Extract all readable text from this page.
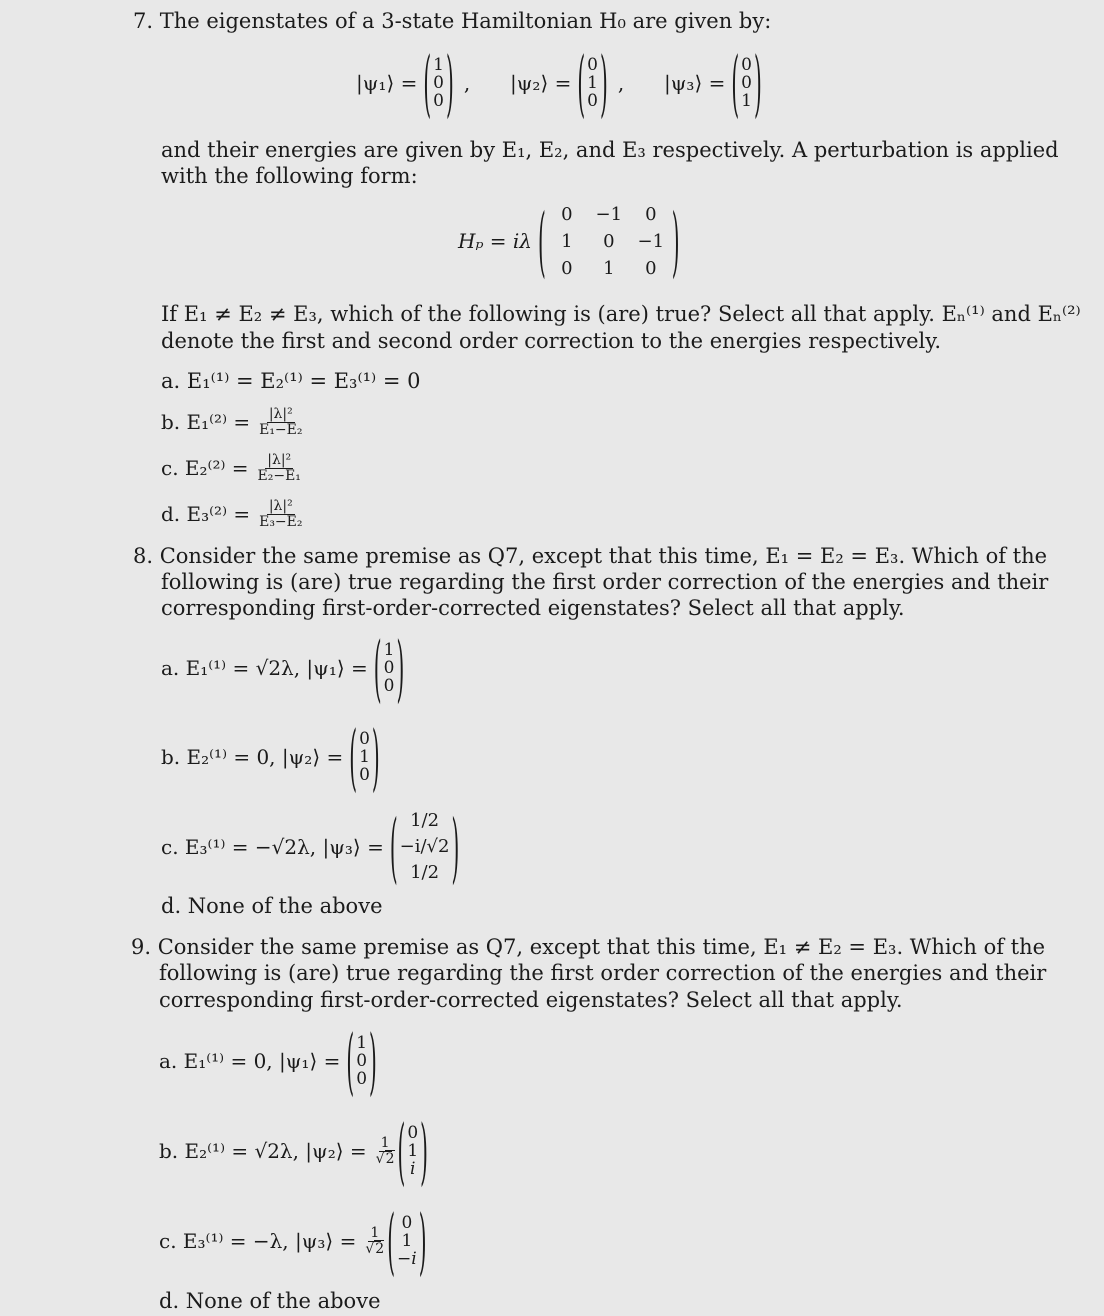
7. The eigenstates of a 3-state Hamiltonian H₀ are given by:
|ψ₁⟩ = ( 1
0
0 ) , |ψ₂⟩ = ( 0
1
0 ) , |ψ₃⟩ = ( 0
0
1 )
and their energies are given by E₁, E₂, and E₃ respectively. A perturbation is applied
with the following form:
Hₚ = iλ ( 0	−1	0
1	0	−1
0	1	0 )
If E₁ ≠ E₂ ≠ E₃, which of the following is (are) true? Select all that apply. Eₙ⁽¹⁾ and Eₙ⁽²⁾
denote the first and second order correction to the energies respectively.
a. E₁⁽¹⁾ = E₂⁽¹⁾ = E₃⁽¹⁾ = 0
b. $E_1^{(2)} = \frac{\text{|λ|²}}{\text{E₁−E₂}}$
c. $E_2^{(2)} = \frac{\text{|λ|²}}{\text{E₂−E₁}}$
d. $E_3^{(2)} = \frac{\text{|λ|²}}{\text{E₃−E₂}}$
8. Consider the same premise as Q7, except that this time, E₁ = E₂ = E₃. Which of the
following is (are) true regarding the first order correction of the energies and their
corresponding first-order-corrected eigenstates? Select all that apply.
a. E₁⁽¹⁾ = √2λ, |ψ₁⟩ = ( 1
0
0 )
b. E₂⁽¹⁾ = 0, |ψ₂⟩ = ( 0
1
0 )
c. E₃⁽¹⁾ = −√2λ, |ψ₃⟩ = ( 1/2
−i/√2
1/2 )
d. None of the above
9. Consider the same premise as Q7, except that this time, E₁ ≠ E₂ = E₃. Which of the
following is (are) true regarding the first order correction of the energies and their
corresponding first-order-corrected eigenstates? Select all that apply.
a. E₁⁽¹⁾ = 0, |ψ₁⟩ = ( 1
0
0 )
b. E₂⁽¹⁾ = √2λ, |ψ₂⟩ = $\frac{1}{√2}$ ( 0
1
i )
c. E₃⁽¹⁾ = −λ, |ψ₃⟩ = $\frac{1}{√2}$ ( 0
1
−i )
d. None of the above
